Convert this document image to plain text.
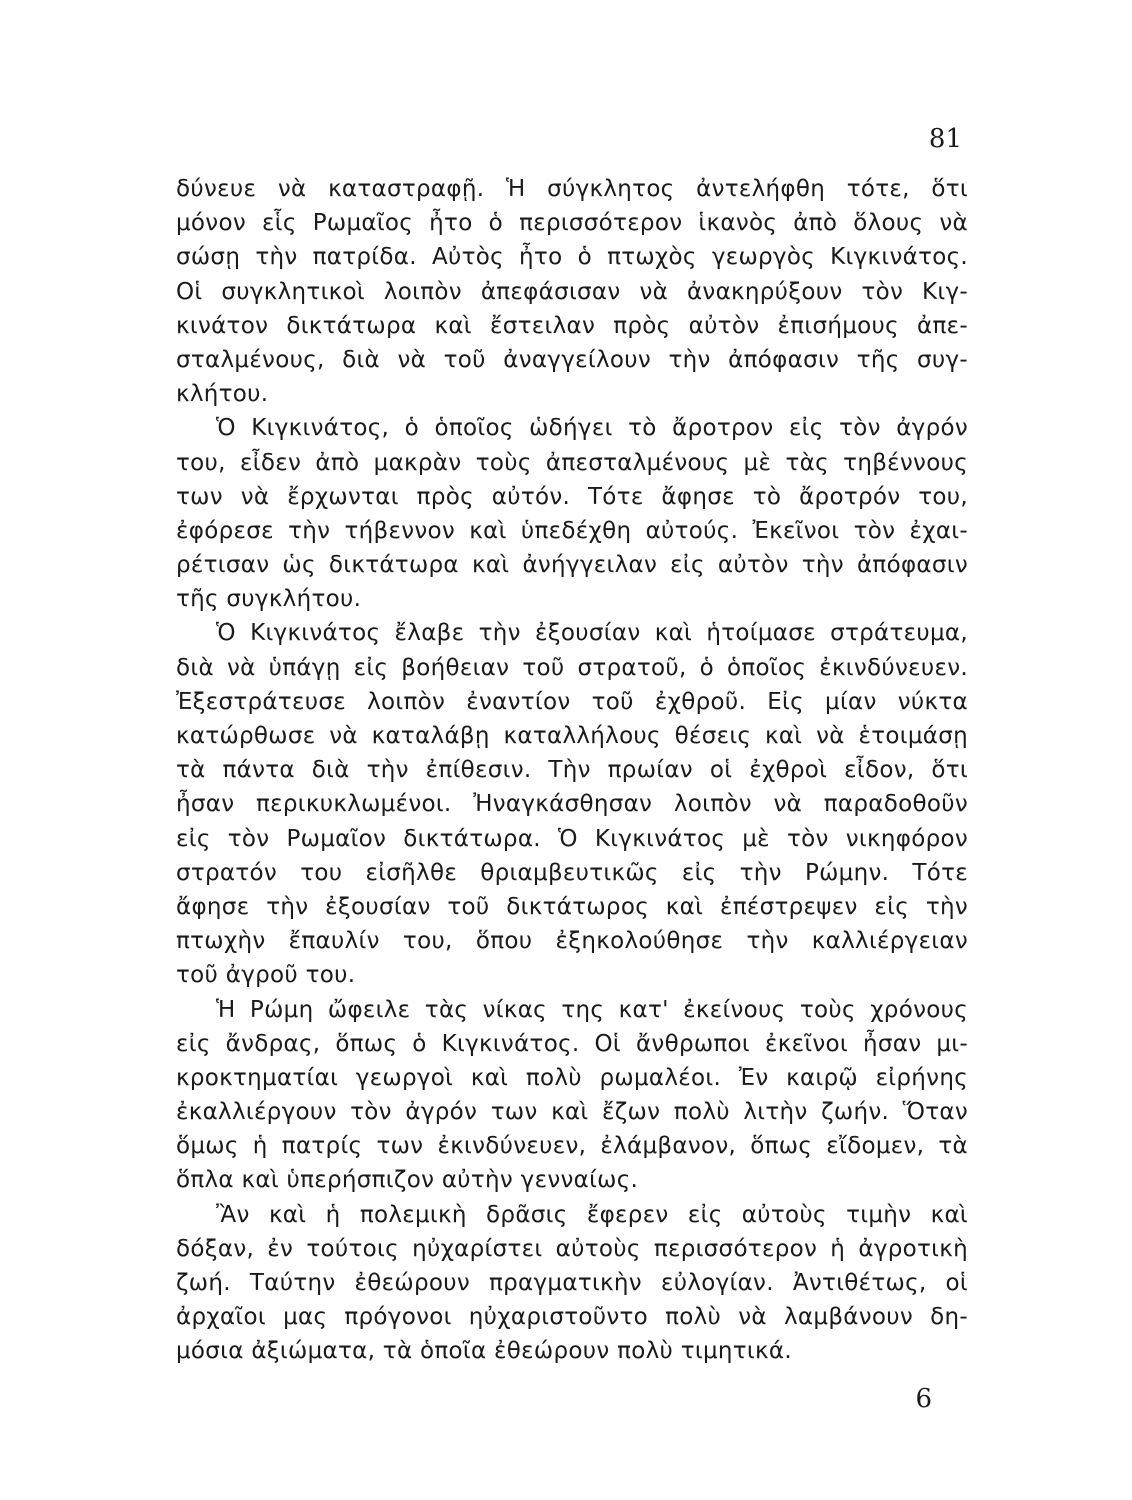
81
δύνευε νὰ καταστραφῇ. Ἡ σύγκλητος ἀντελήφθη τότε, ὅτι
μόνον εἷς Ρωμαῖος ἦτο ὁ περισσότερον ἱκανὸς ἀπὸ ὅλους νὰ
σώσῃ τὴν πατρίδα. Αὐτὸς ἦτο ὁ πτωχὸς γεωργὸς Κιγκινάτος.
Οἱ συγκλητικοὶ λοιπὸν ἀπεφάσισαν νὰ ἀνακηρύξουν τὸν Κιγ-
κινάτον δικτάτωρα καὶ ἔστειλαν πρὸς αὐτὸν ἐπισήμους ἀπε-
σταλμένους, διὰ νὰ τοῦ ἀναγγείλουν τὴν ἀπόφασιν τῆς συγ-
κλήτου.
Ὁ Κιγκινάτος, ὁ ὁποῖος ὡδήγει τὸ ἄροτρον εἰς τὸν ἀγρόν
του, εἶδεν ἀπὸ μακρὰν τοὺς ἀπεσταλμένους μὲ τὰς τηβέννους
των νὰ ἔρχωνται πρὸς αὐτόν. Τότε ἄφησε τὸ ἄροτρόν του,
ἐφόρεσε τὴν τήβεννον καὶ ὑπεδέχθη αὐτούς. Ἐκεῖνοι τὸν ἐχαι-
ρέτισαν ὡς δικτάτωρα καὶ ἀνήγγειλαν εἰς αὐτὸν τὴν ἀπόφασιν
τῆς συγκλήτου.
Ὁ Κιγκινάτος ἔλαβε τὴν ἐξουσίαν καὶ ἡτοίμασε στράτευμα,
διὰ νὰ ὑπάγῃ εἰς βοήθειαν τοῦ στρατοῦ, ὁ ὁποῖος ἐκινδύνευεν.
Ἐξεστράτευσε λοιπὸν ἐναντίον τοῦ ἐχθροῦ. Εἰς μίαν νύκτα
κατώρθωσε νὰ καταλάβῃ καταλλήλους θέσεις καὶ νὰ ἑτοιμάσῃ
τὰ πάντα διὰ τὴν ἐπίθεσιν. Τὴν πρωίαν οἱ ἐχθροὶ εἶδον, ὅτι
ἦσαν περικυκλωμένοι. Ἠναγκάσθησαν λοιπὸν νὰ παραδοθοῦν
εἰς τὸν Ρωμαῖον δικτάτωρα. Ὁ Κιγκινάτος μὲ τὸν νικηφόρον
στρατόν του εἰσῆλθε θριαμβευτικῶς εἰς τὴν Ρώμην. Τότε
ἄφησε τὴν ἐξουσίαν τοῦ δικτάτωρος καὶ ἐπέστρεψεν εἰς τὴν
πτωχὴν ἔπαυλίν του, ὅπου ἐξηκολούθησε τὴν καλλιέργειαν
τοῦ ἀγροῦ του.
Ἡ Ρώμη ὤφειλε τὰς νίκας της κατ' ἐκείνους τοὺς χρόνους
εἰς ἄνδρας, ὅπως ὁ Κιγκινάτος. Οἱ ἄνθρωποι ἐκεῖνοι ἦσαν μι-
κροκτηματίαι γεωργοὶ καὶ πολὺ ρωμαλέοι. Ἐν καιρῷ εἰρήνης
ἐκαλλιέργουν τὸν ἀγρόν των καὶ ἔζων πολὺ λιτὴν ζωήν. Ὅταν
ὅμως ἡ πατρίς των ἐκινδύνευεν, ἐλάμβανον, ὅπως εἴδομεν, τὰ
ὅπλα καὶ ὑπερήσπιζον αὐτὴν γενναίως.
Ἂν καὶ ἡ πολεμικὴ δρᾶσις ἔφερεν εἰς αὐτοὺς τιμὴν καὶ
δόξαν, ἐν τούτοις ηὐχαρίστει αὐτοὺς περισσότερον ἡ ἀγροτικὴ
ζωή. Ταύτην ἐθεώρουν πραγματικὴν εὐλογίαν. Ἀντιθέτως, οἱ
ἀρχαῖοι μας πρόγονοι ηὐχαριστοῦντο πολὺ νὰ λαμβάνουν δη-
μόσια ἀξιώματα, τὰ ὁποῖα ἐθεώρουν πολὺ τιμητικά.
6
